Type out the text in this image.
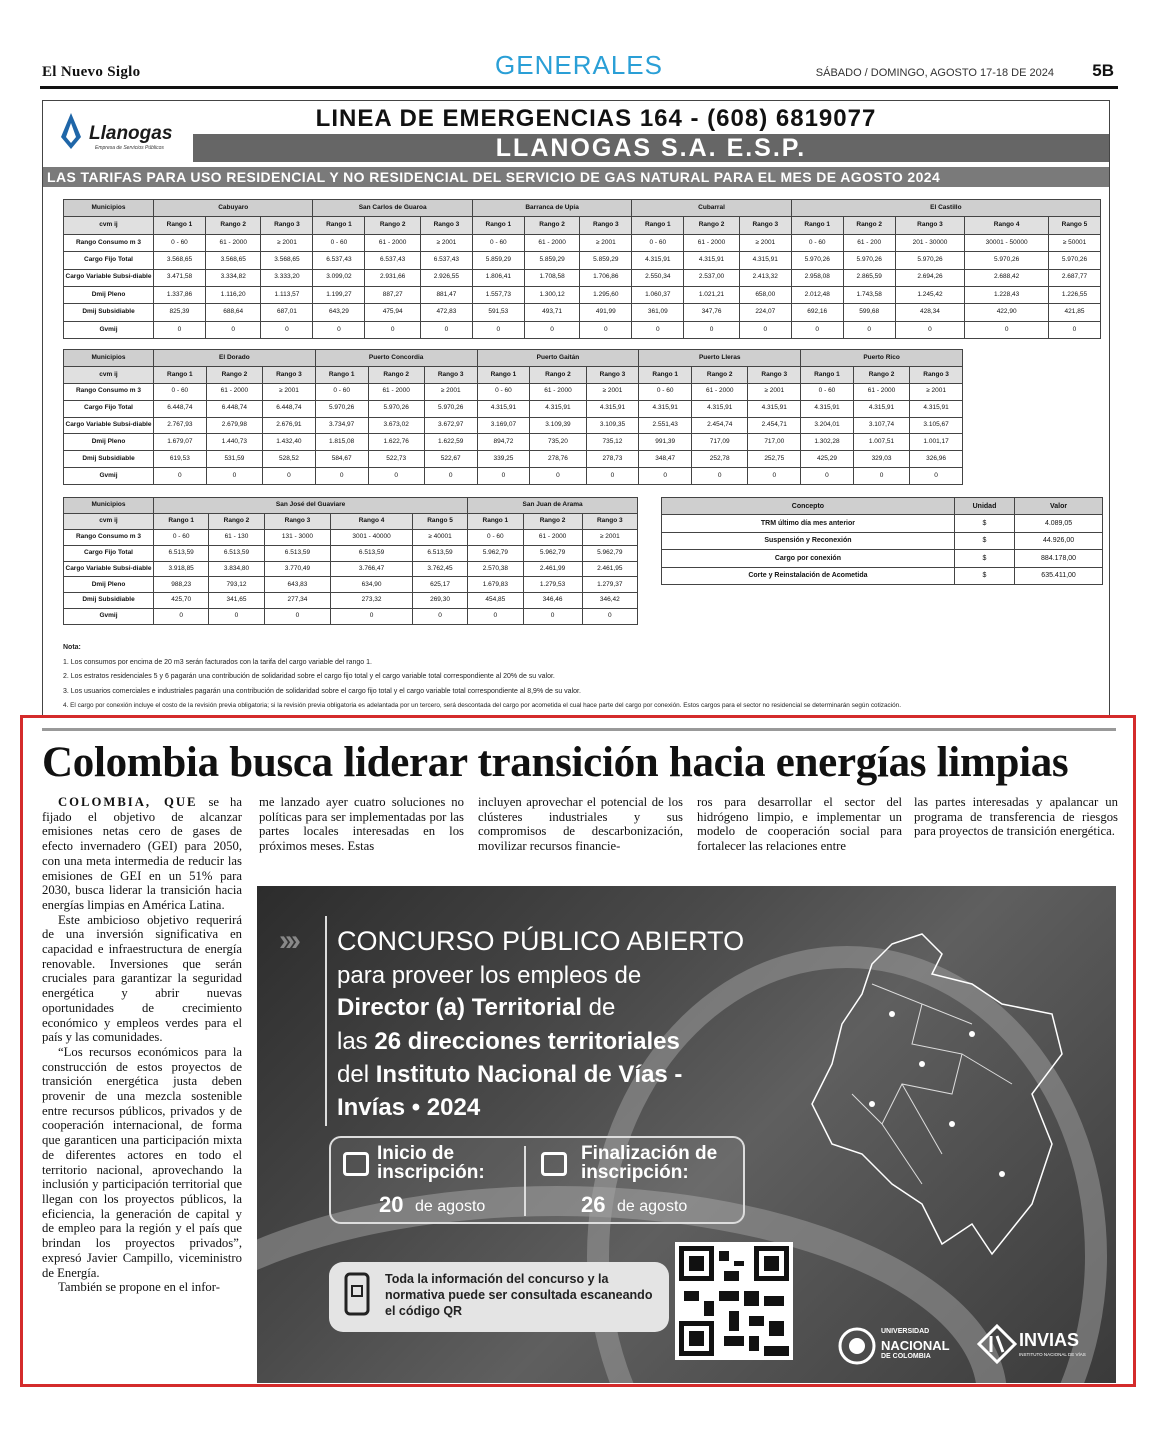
El Nuevo Siglo	GENERALES	SÁBADO / DOMINGO, AGOSTO 17-18 DE 2024 5B
Llanogas
Empresa de Servicios Públicos
LINEA DE EMERGENCIAS 164 - (608) 6819077
LLANOGAS S.A. E.S.P.
LAS TARIFAS PARA USO RESIDENCIAL Y NO RESIDENCIAL DEL SERVICIO DE GAS NATURAL PARA EL MES DE AGOSTO 2024
Municipios	Cabuyaro			San Carlos de Guaroa			Barranca de Upía			Cubarral			El Castillo				
cvm ij	Rango 1	Rango 2	Rango 3	Rango 1	Rango 2	Rango 3	Rango 1	Rango 2	Rango 3	Rango 1	Rango 2	Rango 3	Rango 1	Rango 2	Rango 3	Rango 4	Rango 5
Rango Consumo m 3	0 - 60	61 - 2000	≥ 2001	0 - 60	61 - 2000	≥ 2001	0 - 60	61 - 2000	≥ 2001	0 - 60	61 - 2000	≥ 2001	0 - 60	61 - 200	201 - 30000	30001 - 50000	≥ 50001
Cargo Fijo Total	3.568,65	3.568,65	3.568,65	6.537,43	6.537,43	6.537,43	5.859,29	5.859,29	5.859,29	4.315,91	4.315,91	4.315,91	5.970,26	5.970,26	5.970,26	5.970,26	5.970,26
Cargo Variable Subsi-diable	3.471,58	3.334,82	3.333,20	3.099,02	2.931,66	2.926,55	1.806,41	1.708,58	1.706,86	2.550,34	2.537,00	2.413,32	2.958,08	2.865,59	2.694,26	2.688,42	2.687,77
Dmij Pleno	1.337,86	1.116,20	1.113,57	1.199,27	887,27	881,47	1.557,73	1.300,12	1.295,60	1.060,37	1.021,21	658,00	2.012,48	1.743,58	1.245,42	1.228,43	1.226,55
Dmij Subsidiable	825,39	688,64	687,01	643,29	475,94	472,83	591,53	493,71	491,99	361,09	347,76	224,07	692,16	599,68	428,34	422,90	421,85
Gvmij	0	0	0	0	0	0	0	0	0	0	0	0	0	0	0	0	0
Municipios	El Dorado			Puerto Concordia			Puerto Gaitán			Puerto Lleras			Puerto Rico		
cvm ij	Rango 1	Rango 2	Rango 3	Rango 1	Rango 2	Rango 3	Rango 1	Rango 2	Rango 3	Rango 1	Rango 2	Rango 3	Rango 1	Rango 2	Rango 3
Rango Consumo m 3	0 - 60	61 - 2000	≥ 2001	0 - 60	61 - 2000	≥ 2001	0 - 60	61 - 2000	≥ 2001	0 - 60	61 - 2000	≥ 2001	0 - 60	61 - 2000	≥ 2001
Cargo Fijo Total	6.448,74	6.448,74	6.448,74	5.970,26	5.970,26	5.970,26	4.315,91	4.315,91	4.315,91	4.315,91	4.315,91	4.315,91	4.315,91	4.315,91	4.315,91
Cargo Variable Subsi-diable	2.767,93	2.679,98	2.676,91	3.734,97	3.673,02	3.672,97	3.169,07	3.109,39	3.109,35	2.551,43	2.454,74	2.454,71	3.204,01	3.107,74	3.105,67
Dmij Pleno	1.679,07	1.440,73	1.432,40	1.815,08	1.622,76	1.622,59	894,72	735,20	735,12	991,39	717,09	717,00	1.302,28	1.007,51	1.001,17
Dmij Subsidiable	619,53	531,59	528,52	584,67	522,73	522,67	339,25	278,76	278,73	348,47	252,78	252,75	425,29	329,03	326,96
Gvmij	0	0	0	0	0	0	0	0	0	0	0	0	0	0	0
Municipios	San José del Guaviare					San Juan de Arama		
cvm ij	Rango 1	Rango 2	Rango 3	Rango 4	Rango 5	Rango 1	Rango 2	Rango 3
Rango Consumo m 3	0 - 60	61 - 130	131 - 3000	3001 - 40000	≥ 40001	0 - 60	61 - 2000	≥ 2001
Cargo Fijo Total	6.513,59	6.513,59	6.513,59	6.513,59	6.513,59	5.962,79	5.962,79	5.962,79
Cargo Variable Subsi-diable	3.918,85	3.834,80	3.770,49	3.766,47	3.762,45	2.570,38	2.461,99	2.461,95
Dmij Pleno	988,23	793,12	643,83	634,90	625,17	1.679,83	1.279,53	1.279,37
Dmij Subsidiable	425,70	341,65	277,34	273,32	269,30	454,85	346,46	346,42
Gvmij	0	0	0	0	0	0	0	0
Concepto	Unidad	Valor
TRM último día mes anterior	$	4.089,05
Suspensión y Reconexión	$	44.926,00
Cargo por conexión	$	884.178,00
Corte y Reinstalación de Acometida	$	635.411,00
Nota:
1. Los consumos por encima de 20 m3 serán facturados con la tarifa del cargo variable del rango 1.
2. Los estratos residenciales 5 y 6 pagarán una contribución de solidaridad sobre el cargo fijo total y el cargo variable total correspondiente al 20% de su valor.
3. Los usuarios comerciales e industriales pagarán una contribución de solidaridad sobre el cargo fijo total y el cargo variable total correspondiente al 8,9% de su valor.
4. El cargo por conexión incluye el costo de la revisión previa obligatoria; si la revisión previa obligatoria es adelantada por un tercero, será descontada del cargo por acometida el cual hace parte del cargo por conexión. Estos cargos para el sector no residencial se determinarán según cotización.
Colombia busca liderar transición hacia energías limpias

COLOMBIA, QUE se ha fijado el objetivo de alcanzar emisiones netas cero de gases de efecto invernadero (GEI) para 2050, con una meta intermedia de reducir las emisiones de GEI en un 51% para 2030, busca liderar la transición hacia energías limpias en América Latina.

Este ambicioso objetivo requerirá de una inversión significativa en capacidad e infraestructura de energía renovable. Inversiones que serán cruciales para garantizar la seguridad energética y abrir nuevas oportunidades de crecimiento económico y empleos verdes para el país y las comunidades.

“Los recursos económicos para la construcción de estos proyectos de transición energética justa deben provenir de una mezcla sostenible entre recursos públicos, privados y de cooperación internacional, de forma que garanticen una participación mixta de diferentes actores en todo el territorio nacional, aprovechando la inclusión y participación territorial que llegan con los proyectos públicos, la eficiencia, la generación de capital y de empleo para la región y el país que brindan los proyectos privados”, expresó Javier Campillo, viceministro de Energía.

También se propone en el infor-

me lanzado ayer cuatro soluciones no políticas para ser implementadas por las partes locales interesadas en los próximos meses. Estas
incluyen aprovechar el potencial de los clústeres industriales y sus compromisos de descarbonización, movilizar recursos financie-
ros para desarrollar el sector del hidrógeno limpio, e implementar un modelo de cooperación social para fortalecer las relaciones entre
las partes interesadas y apalancar un programa de transferencia de riesgos para proyectos de transición energética.
››› CONCURSO PÚBLICO ABIERTO
para proveer los empleos de
Director (a) Territorial de
las 26 direcciones territoriales
del Instituto Nacional de Vías -
Invías • 2024
Inicio de inscripción:
20 de agosto
Finalización de inscripción:
26 de agosto
Toda la información del concurso y la normativa puede ser consultada escaneando el código QR
UNIVERSIDAD
NACIONAL
DE COLOMBIA
INVIAS
INSTITUTO NACIONAL DE VÍAS
